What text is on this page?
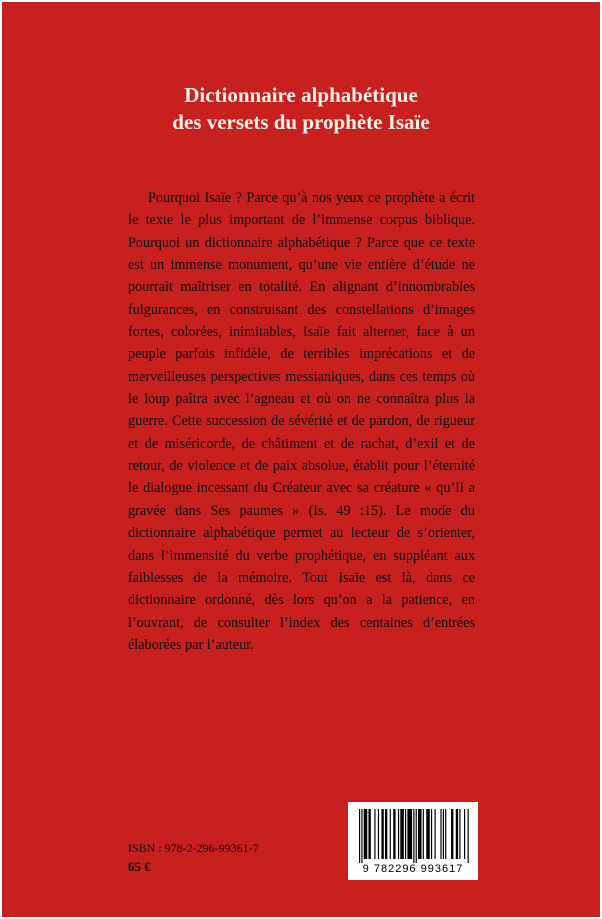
Dictionnaire alphabétique
des versets du prophète Isaïe

Pourquoi Isaïe ? Parce qu’à nos yeux ce prophète a écrit le texte le plus important de l’immense corpus biblique. Pourquoi un dictionnaire alphabétique ? Parce que ce texte est un immense monument, qu’une vie entière d’étude ne pourrait maîtriser en totalité. En alignant d’innombrables fulgurances, en construisant des constellations d’images fortes, colorées, inimitables, Isaïe fait alterner, face à un peuple parfois infidèle, de terribles imprécations et de merveilleuses perspectives messianiques, dans ces temps où le loup paîtra avec l’agneau et où on ne connaîtra plus la guerre. Cette succession de sévérité et de pardon, de rigueur et de miséricorde, de châtiment et de rachat, d’exil et de retour, de violence et de paix absolue, établit pour l’éternité le dialogue incessant du Créateur avec sa créature « qu’Il a gravée dans Ses paumes » (Is. 49 :15). Le mode du dictionnaire alphabétique permet au lecteur de s’orienter, dans l’immensité du verbe prophétique, en suppléant aux faiblesses de la mémoire. Tout Isaïe est là, dans ce dictionnaire ordonné, dès lors qu’on a la patience, en l’ouvrant, de consulter l’index des centaines d’entrées élaborées par l’auteur.

ISBN : 978-2-296-99361-7
65 €	9 782296 993617
